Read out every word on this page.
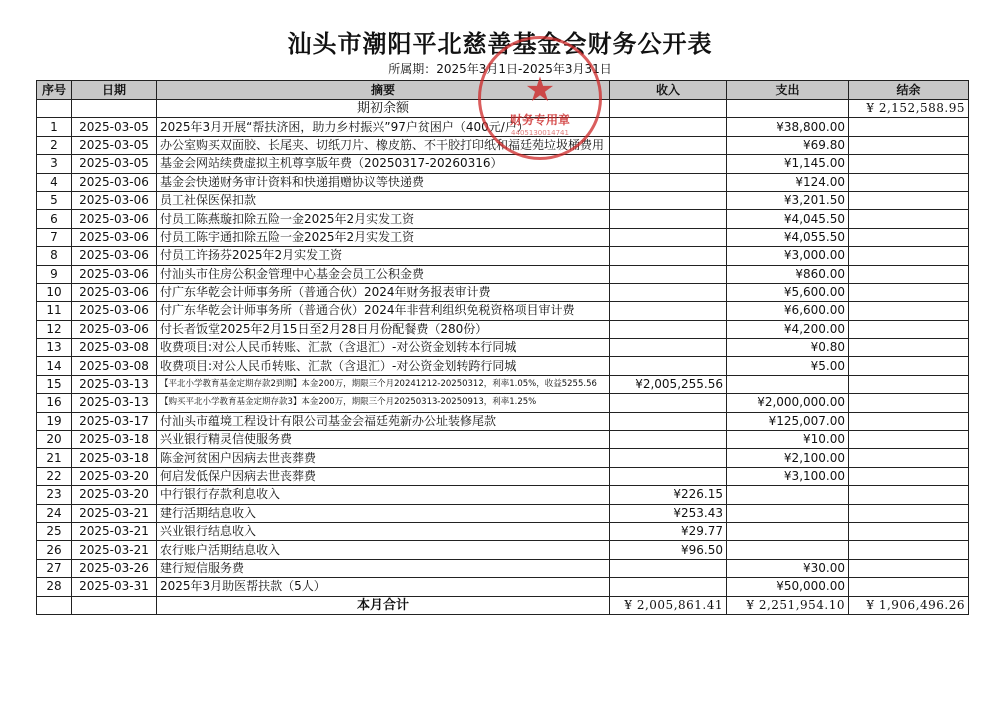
汕头市潮阳平北慈善基金会财务公开表
所属期：2025年3月1日-2025年3月31日
序号	日期	摘要	收入	支出	结余
		期初余额			¥ 2,152,588.95
1	2025-03-05	2025年3月开展“帮扶济困，助力乡村振兴”97户贫困户（400元/户）		¥38,800.00	
2	2025-03-05	办公室购买双面胶、长尾夹、切纸刀片、橡皮筋、不干胶打印纸和福廷苑垃圾桶费用		¥69.80	
3	2025-03-05	基金会网站续费虚拟主机尊享版年费（20250317-20260316）		¥1,145.00	
4	2025-03-06	基金会快递财务审计资料和快递捐赠协议等快递费		¥124.00	
5	2025-03-06	员工社保医保扣款		¥3,201.50	
6	2025-03-06	付员工陈燕璇扣除五险一金2025年2月实发工资		¥4,045.50	
7	2025-03-06	付员工陈宇通扣除五险一金2025年2月实发工资		¥4,055.50	
8	2025-03-06	付员工许扬芬2025年2月实发工资		¥3,000.00	
9	2025-03-06	付汕头市住房公积金管理中心基金会员工公积金费		¥860.00	
10	2025-03-06	付广东华乾会计师事务所（普通合伙）2024年财务报表审计费		¥5,600.00	
11	2025-03-06	付广东华乾会计师事务所（普通合伙）2024年非营利组织免税资格项目审计费		¥6,600.00	
12	2025-03-06	付长者饭堂2025年2月15日至2月28日月份配餐费（280份）		¥4,200.00	
13	2025-03-08	收费项目:对公人民币转账、汇款（含退汇）-对公资金划转本行同城		¥0.80	
14	2025-03-08	收费项目:对公人民币转账、汇款（含退汇）-对公资金划转跨行同城		¥5.00	
15	2025-03-13	【平北小学教育基金定期存款2到期】本金200万，期限三个月20241212-20250312，利率1.05%，收益5255.56	¥2,005,255.56		
16	2025-03-13	【购买平北小学教育基金定期存款3】本金200万，期限三个月20250313-20250913，利率1.25%		¥2,000,000.00	
19	2025-03-17	付汕头市蕴境工程设计有限公司基金会福廷苑新办公址装修尾款		¥125,007.00	
20	2025-03-18	兴业银行精灵信使服务费		¥10.00	
21	2025-03-18	陈金河贫困户因病去世丧葬费		¥2,100.00	
22	2025-03-20	何启发低保户因病去世丧葬费		¥3,100.00	
23	2025-03-20	中行银行存款利息收入	¥226.15		
24	2025-03-21	建行活期结息收入	¥253.43		
25	2025-03-21	兴业银行结息收入	¥29.77		
26	2025-03-21	农行账户活期结息收入	¥96.50		
27	2025-03-26	建行短信服务费		¥30.00	
28	2025-03-31	2025年3月助医帮扶款（5人）		¥50,000.00	
		本月合计	¥ 2,005,861.41	¥ 2,251,954.10	¥ 1,906,496.26
★
财务专用章
4405130014741
